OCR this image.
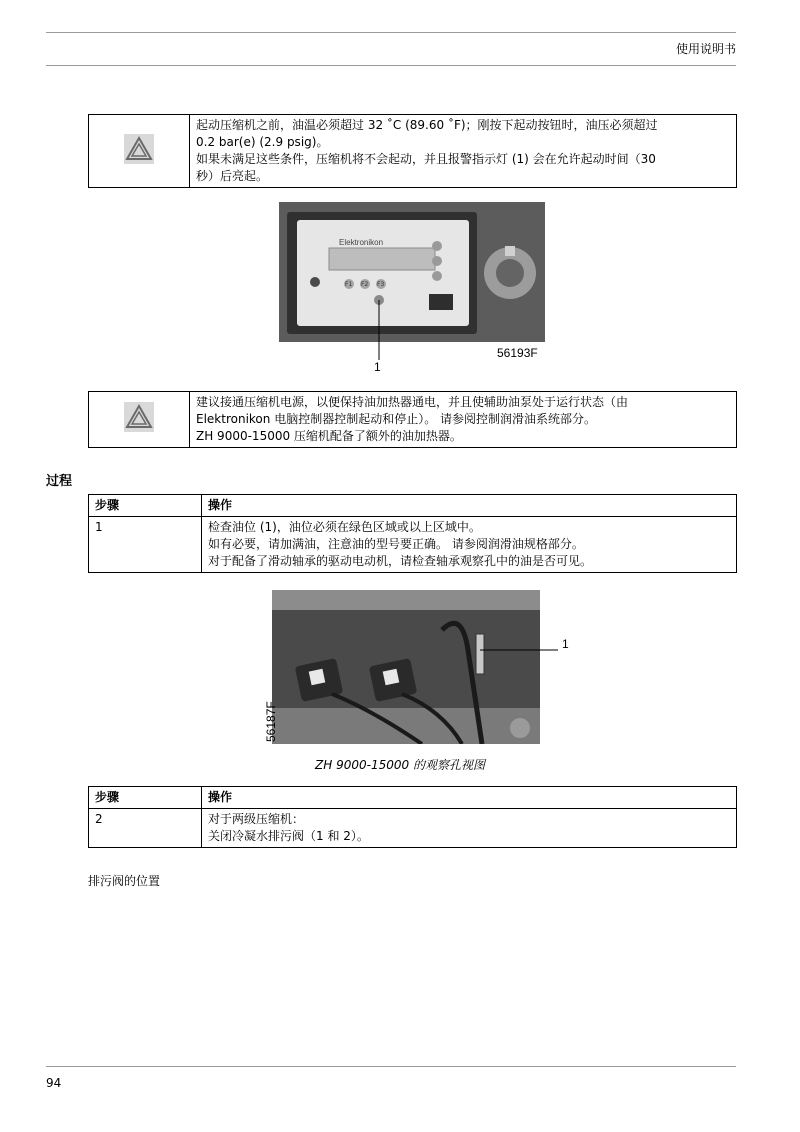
使用说明书

起动压缩机之前，油温必须超过 32 ˚C (89.60 ˚F)；刚按下起动按钮时，油压必须超过
0.2 bar(e) (2.9 psig)。
如果未满足这些条件，压缩机将不会起动，并且报警指示灯 (1) 会在允许起动时间（30
秒）后亮起。
Elektronikon
F1 F2 F3
1
56193F

建议接通压缩机电源，以便保持油加热器通电，并且使辅助油泵处于运行状态（由
Elektronikon 电脑控制器控制起动和停止）。 请参阅控制润滑油系统部分。
ZH 9000-15000 压缩机配备了额外的油加热器。
过程
步骤	操作
1	检查油位 (1)，油位必须在绿色区域或以上区域中。
如有必要，请加满油，注意油的型号要正确。 请参阅润滑油规格部分。
对于配备了滑动轴承的驱动电动机，请检查轴承观察孔中的油是否可见。
1
56187F
ZH 9000-15000 的观察孔视图
步骤	操作
2	对于两级压缩机：
关闭冷凝水排污阀（1 和 2）。
排污阀的位置
94
